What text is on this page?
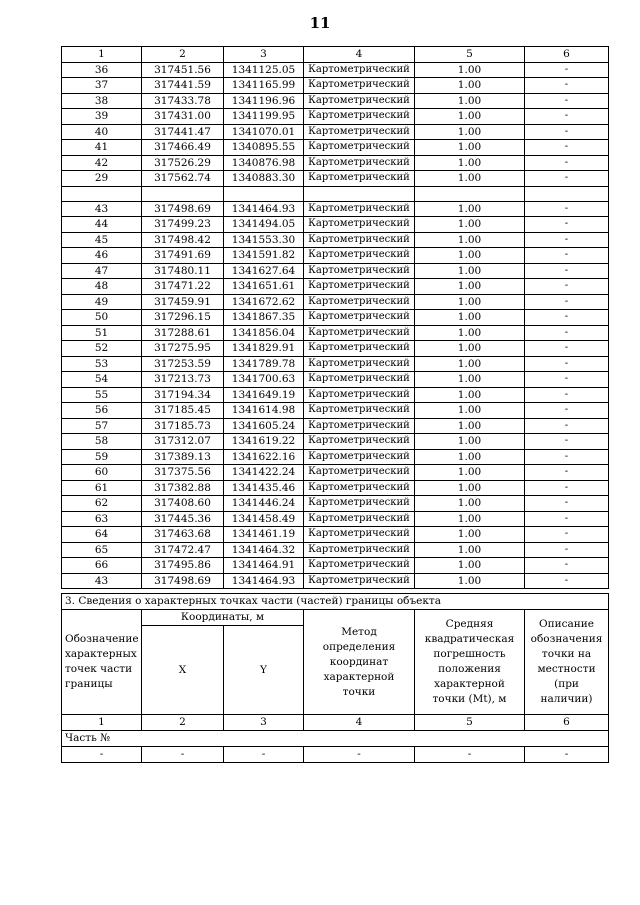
11
1	2	3	4	5	6
36	317451.56	1341125.05	Картометрический	1.00	-
37	317441.59	1341165.99	Картометрический	1.00	-
38	317433.78	1341196.96	Картометрический	1.00	-
39	317431.00	1341199.95	Картометрический	1.00	-
40	317441.47	1341070.01	Картометрический	1.00	-
41	317466.49	1340895.55	Картометрический	1.00	-
42	317526.29	1340876.98	Картометрический	1.00	-
29	317562.74	1340883.30	Картометрический	1.00	-

43	317498.69	1341464.93	Картометрический	1.00	-
44	317499.23	1341494.05	Картометрический	1.00	-
45	317498.42	1341553.30	Картометрический	1.00	-
46	317491.69	1341591.82	Картометрический	1.00	-
47	317480.11	1341627.64	Картометрический	1.00	-
48	317471.22	1341651.61	Картометрический	1.00	-
49	317459.91	1341672.62	Картометрический	1.00	-
50	317296.15	1341867.35	Картометрический	1.00	-
51	317288.61	1341856.04	Картометрический	1.00	-
52	317275.95	1341829.91	Картометрический	1.00	-
53	317253.59	1341789.78	Картометрический	1.00	-
54	317213.73	1341700.63	Картометрический	1.00	-
55	317194.34	1341649.19	Картометрический	1.00	-
56	317185.45	1341614.98	Картометрический	1.00	-
57	317185.73	1341605.24	Картометрический	1.00	-
58	317312.07	1341619.22	Картометрический	1.00	-
59	317389.13	1341622.16	Картометрический	1.00	-
60	317375.56	1341422.24	Картометрический	1.00	-
61	317382.88	1341435.46	Картометрический	1.00	-
62	317408.60	1341446.24	Картометрический	1.00	-
63	317445.36	1341458.49	Картометрический	1.00	-
64	317463.68	1341461.19	Картометрический	1.00	-
65	317472.47	1341464.32	Картометрический	1.00	-
66	317495.86	1341464.91	Картометрический	1.00	-
43	317498.69	1341464.93	Картометрический	1.00	-
3. Сведения о характерных точках части (частей) границы объекта					
Обозначение характерных точек части границы	Координаты, м		Метод определения координат характерной точки	Средняя квадратическая погрешность положения характерной точки (Мt), м	Описание обозначения точки на местности (при наличии)
	X	Y			
1	2	3	4	5	6
Часть №					
-	-	-	-	-	-
